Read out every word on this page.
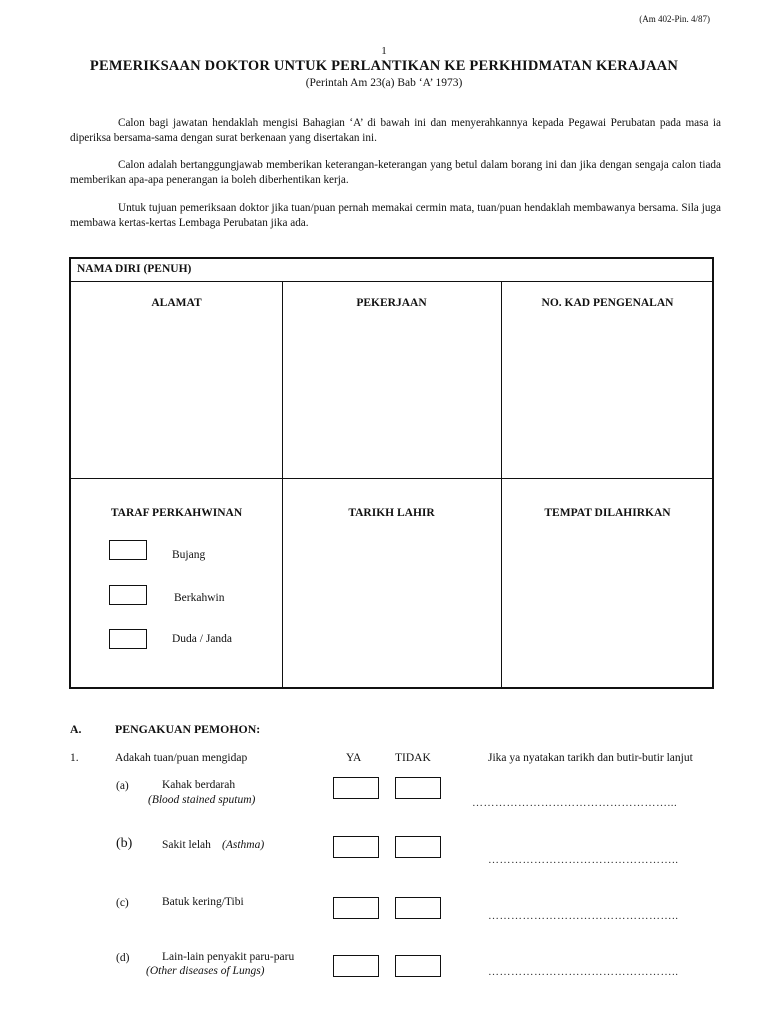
(Am 402-Pin. 4/87)
1
PEMERIKSAAN DOKTOR UNTUK PERLANTIKAN KE PERKHIDMATAN KERAJAAN
(Perintah Am 23(a) Bab ‘A’ 1973)
Calon bagi jawatan hendaklah mengisi Bahagian ‘A’ di bawah ini dan menyerahkannya kepada Pegawai Perubatan pada masa ia diperiksa bersama-sama dengan surat berkenaan yang disertakan ini.
Calon adalah bertanggungjawab memberikan keterangan-keterangan yang betul dalam borang ini dan jika dengan sengaja calon tiada memberikan apa-apa penerangan ia boleh diberhentikan kerja.
Untuk tujuan pemeriksaan doktor jika tuan/puan pernah memakai cermin mata, tuan/puan hendaklah membawanya bersama. Sila juga membawa kertas-kertas Lembaga Perubatan jika ada.
NAMA DIRI (PENUH)
ALAMAT	PEKERJAAN	NO. KAD PENGENALAN
TARAF PERKAHWINAN	TARIKH LAHIR	TEMPAT DILAHIRKAN
Bujang
Berkahwin
Duda / Janda
A.	PENGAKUAN PEMOHON:
1.	Adakah tuan/puan mengidap	YA	TIDAK	Jika ya nyatakan tarikh dan butir-butir lanjut
(a)	Kahak berdarah
(Blood stained sputum)	……………………………………………...
(b)	Sakit lelah (Asthma)
…………………………………………..
(c)	Batuk kering/Tibi
…………………………………………..
(d)	Lain-lain penyakit paru-paru
(Other diseases of Lungs)	…………………………………………..
